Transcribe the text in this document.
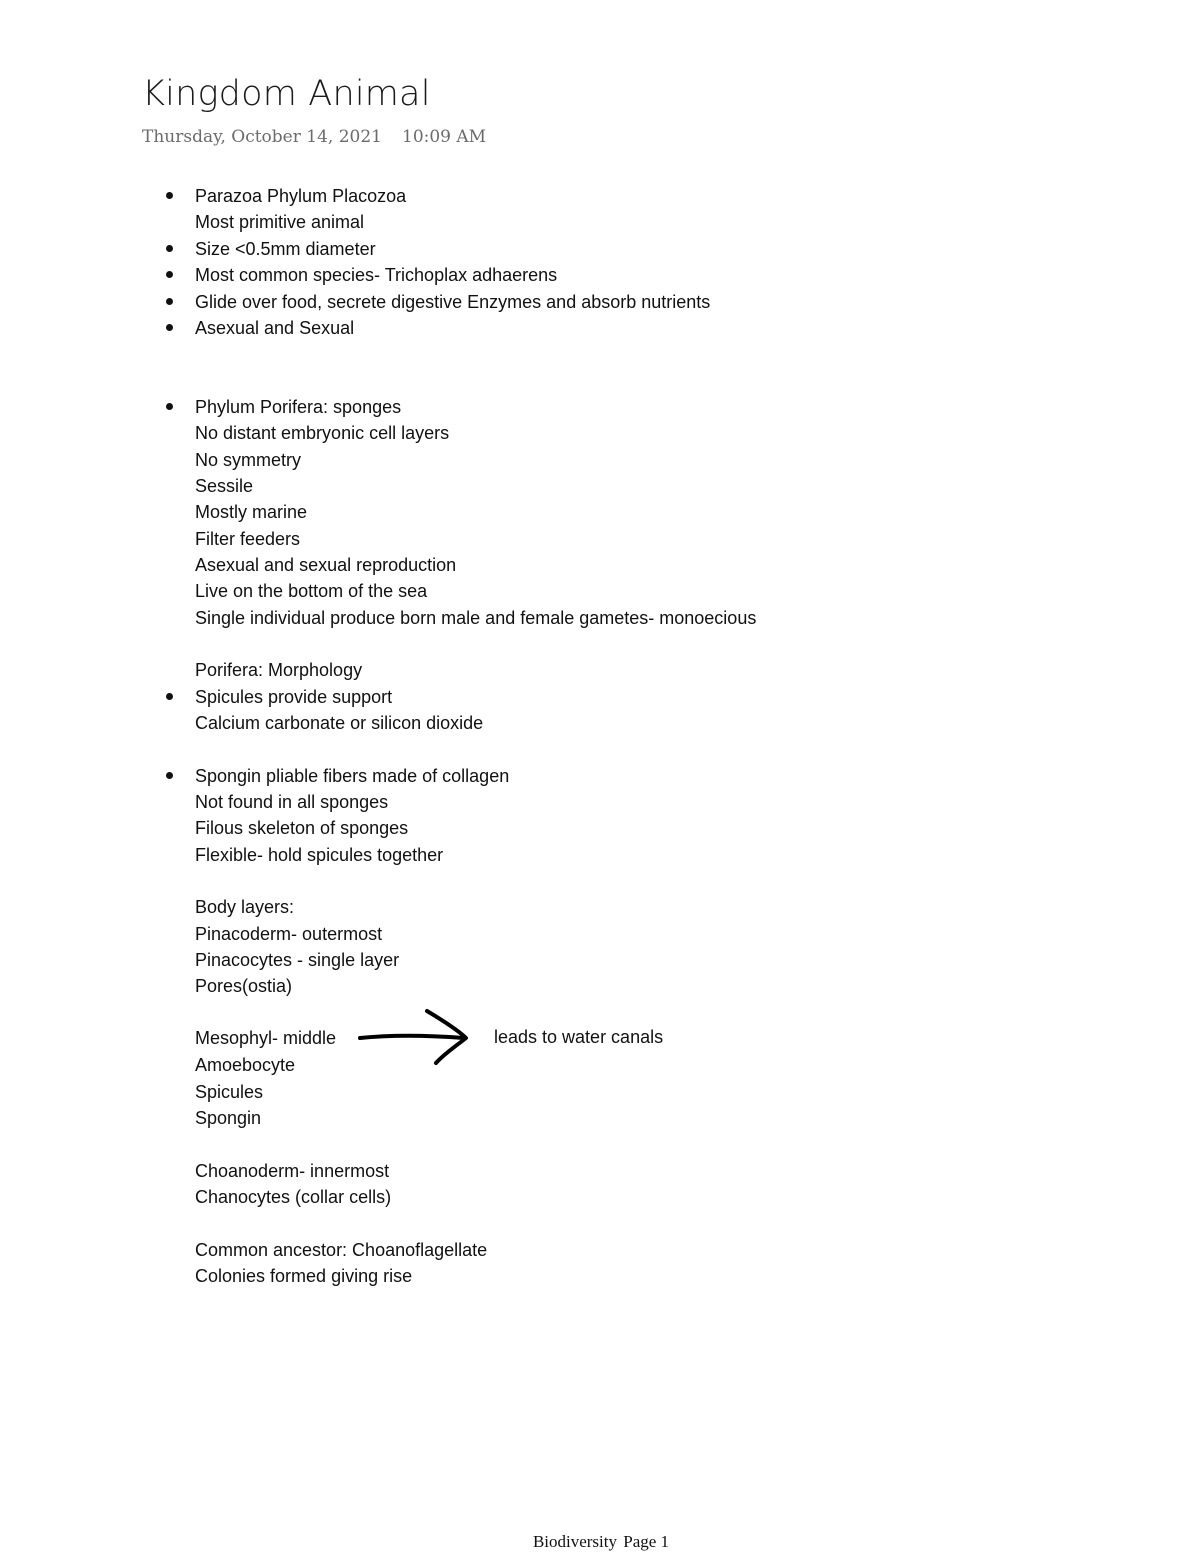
Kingdom Animal
Thursday, October 14, 2021 10:09 AM
Parazoa Phylum Placozoa
Most primitive animal
Size <0.5mm diameter
Most common species- Trichoplax adhaerens
Glide over food, secrete digestive Enzymes and absorb nutrients
Asexual and Sexual
Phylum Porifera: sponges
No distant embryonic cell layers
No symmetry
Sessile
Mostly marine
Filter feeders
Asexual and sexual reproduction
Live on the bottom of the sea
Single individual produce born male and female gametes- monoecious
Porifera: Morphology
Spicules provide support
Calcium carbonate or silicon dioxide
Spongin pliable fibers made of collagen
Not found in all sponges
Filous skeleton of sponges
Flexible- hold spicules together
Body layers:
Pinacoderm- outermost
Pinacocytes - single layer
Pores(ostia)
Mesophyl- middle	leads to water canals
Amoebocyte
Spicules
Spongin
Choanoderm- innermost
Chanocytes (collar cells)
Common ancestor: Choanoflagellate
Colonies formed giving rise
Biodiversity Page 1
